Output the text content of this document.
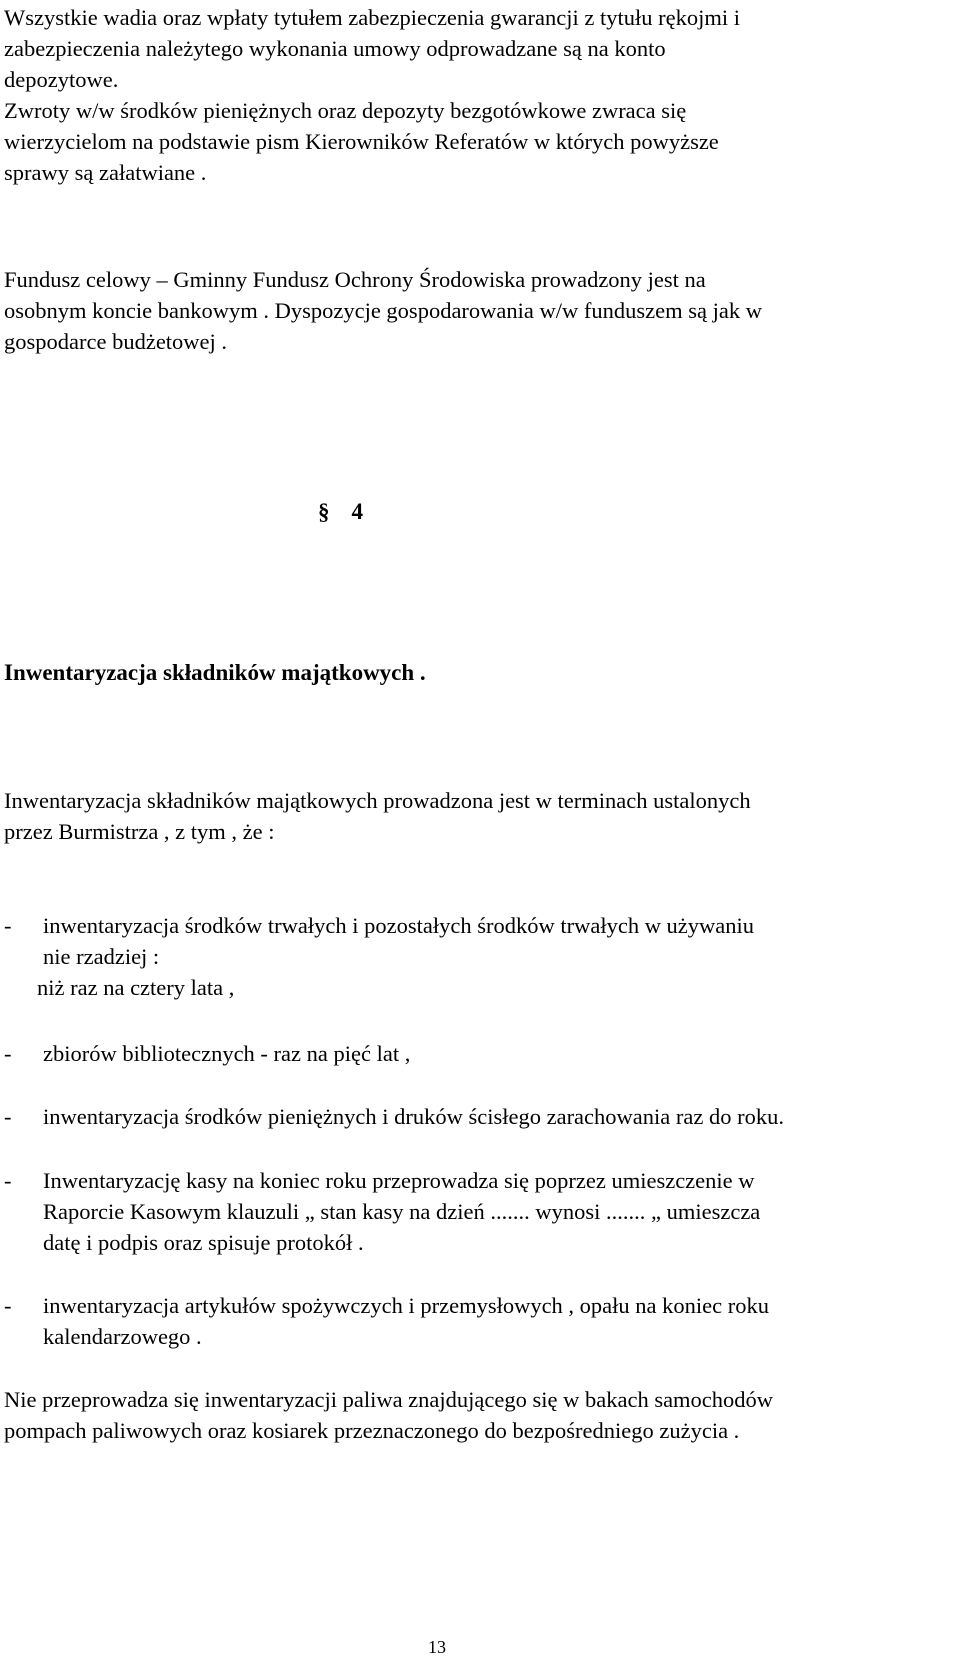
Wszystkie wadia oraz wpłaty tytułem zabezpieczenia gwarancji z tytułu rękojmi i
zabezpieczenia należytego wykonania umowy odprowadzane są na konto
depozytowe.
Zwroty w/w środków pieniężnych oraz depozyty bezgotówkowe zwraca się
wierzycielom na podstawie pism Kierowników Referatów w których powyższe
sprawy są załatwiane .
Fundusz celowy – Gminny Fundusz Ochrony Środowiska prowadzony jest na
osobnym koncie bankowym . Dyspozycje gospodarowania w/w funduszem są jak w
gospodarce budżetowej .
§ 4
Inwentaryzacja składników majątkowych .
Inwentaryzacja składników majątkowych prowadzona jest w terminach ustalonych
przez Burmistrza , z tym , że :
- inwentaryzacja środków trwałych i pozostałych środków trwałych w używaniu
nie rzadziej :
niż raz na cztery lata ,
- zbiorów bibliotecznych - raz na pięć lat ,
- inwentaryzacja środków pieniężnych i druków ścisłego zarachowania raz do roku.
- Inwentaryzację kasy na koniec roku przeprowadza się poprzez umieszczenie w
Raporcie Kasowym klauzuli „ stan kasy na dzień ....... wynosi ....... „ umieszcza
datę i podpis oraz spisuje protokół .
- inwentaryzacja artykułów spożywczych i przemysłowych , opału na koniec roku
kalendarzowego .
Nie przeprowadza się inwentaryzacji paliwa znajdującego się w bakach samochodów
pompach paliwowych oraz kosiarek przeznaczonego do bezpośredniego zużycia .
13
